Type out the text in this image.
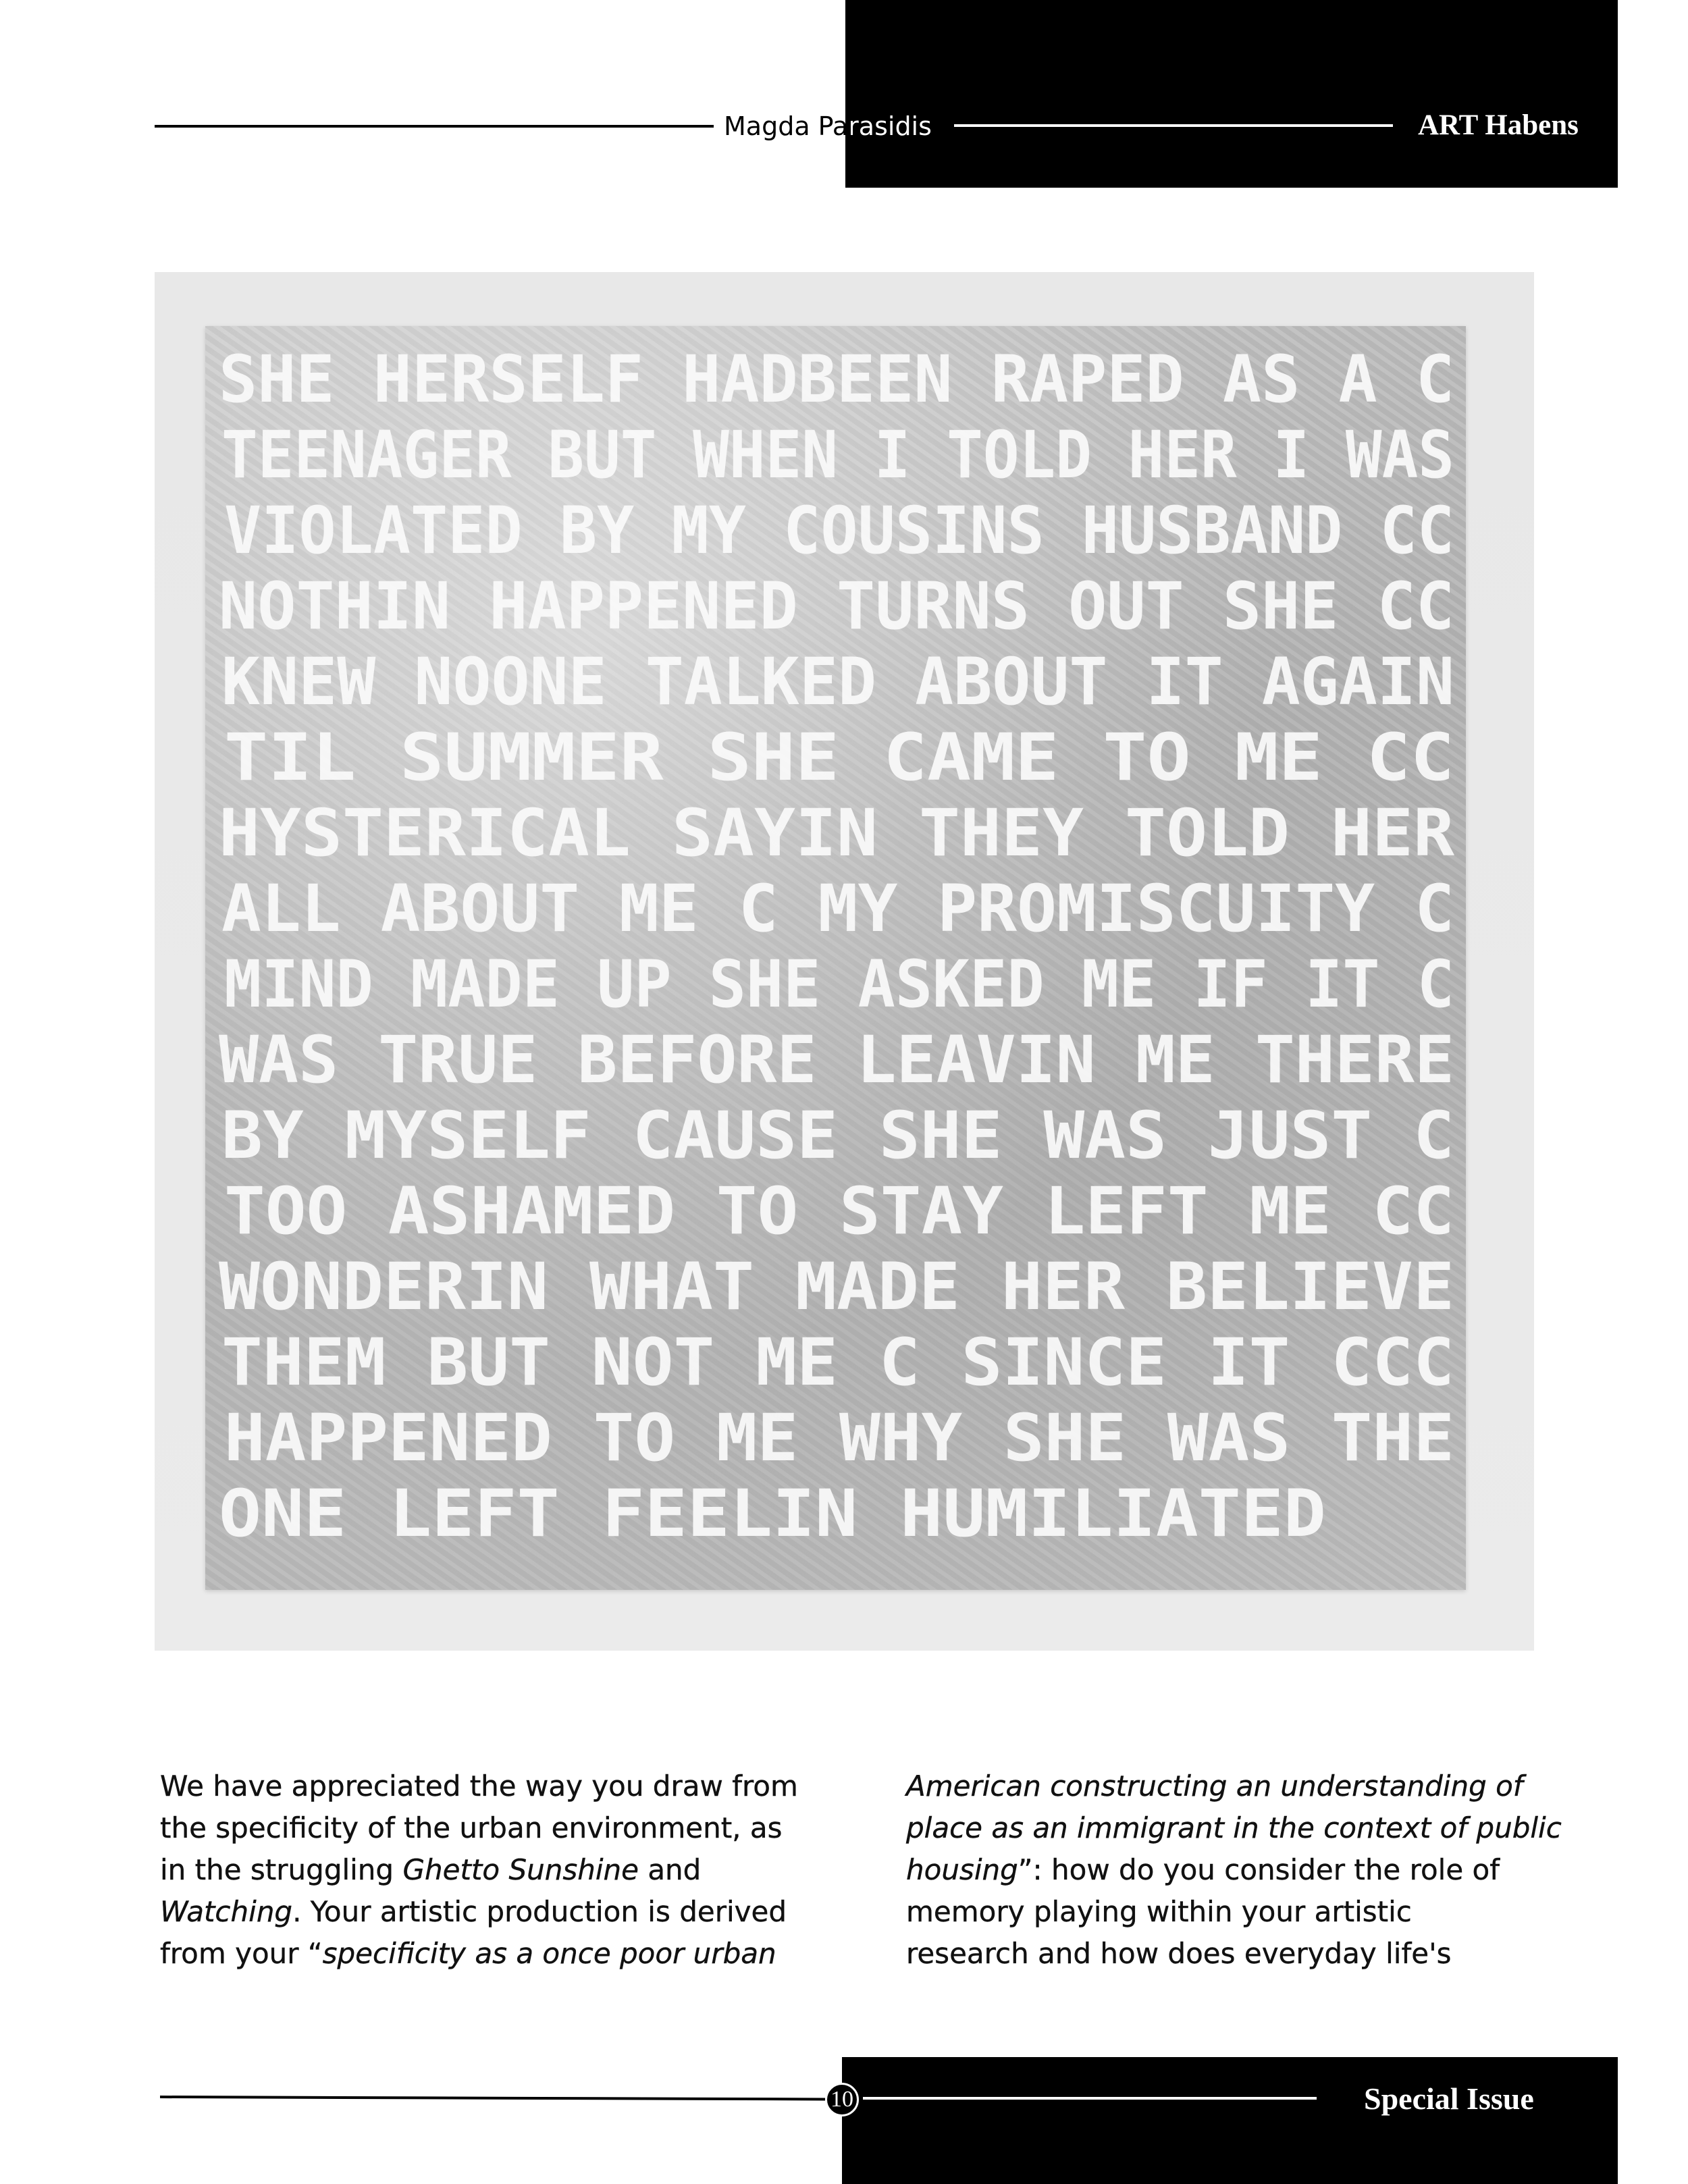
Magda Parasidis	ART Habens
SHE HERSELF HADBEEN RAPED AS A C
TEENAGER BUT WHEN I TOLD HER I WAS
VIOLATED BY MY COUSINS HUSBAND CC
NOTHIN HAPPENED TURNS OUT SHE CC
KNEW NOONE TALKED ABOUT IT AGAIN
TIL SUMMER SHE CAME TO ME CC
HYSTERICAL SAYIN THEY TOLD HER
ALL ABOUT ME C MY PROMISCUITY C
MIND MADE UP SHE ASKED ME IF IT C
WAS TRUE BEFORE LEAVIN ME THERE
BY MYSELF CAUSE SHE WAS JUST C
TOO ASHAMED TO STAY LEFT ME CC
WONDERIN WHAT MADE HER BELIEVE
THEM BUT NOT ME C SINCE IT CCC
HAPPENED TO ME WHY SHE WAS THE
ONE LEFT FEELIN HUMILIATED
We have appreciated the way you draw from
the specificity of the urban environment, as
in the struggling Ghetto Sunshine and
Watching. Your artistic production is derived
from your “specificity as a once poor urban
American constructing an understanding of
place as an immigrant in the context of public
housing”: how do you consider the role of
memory playing within your artistic
research and how does everyday life's
10	Special Issue
